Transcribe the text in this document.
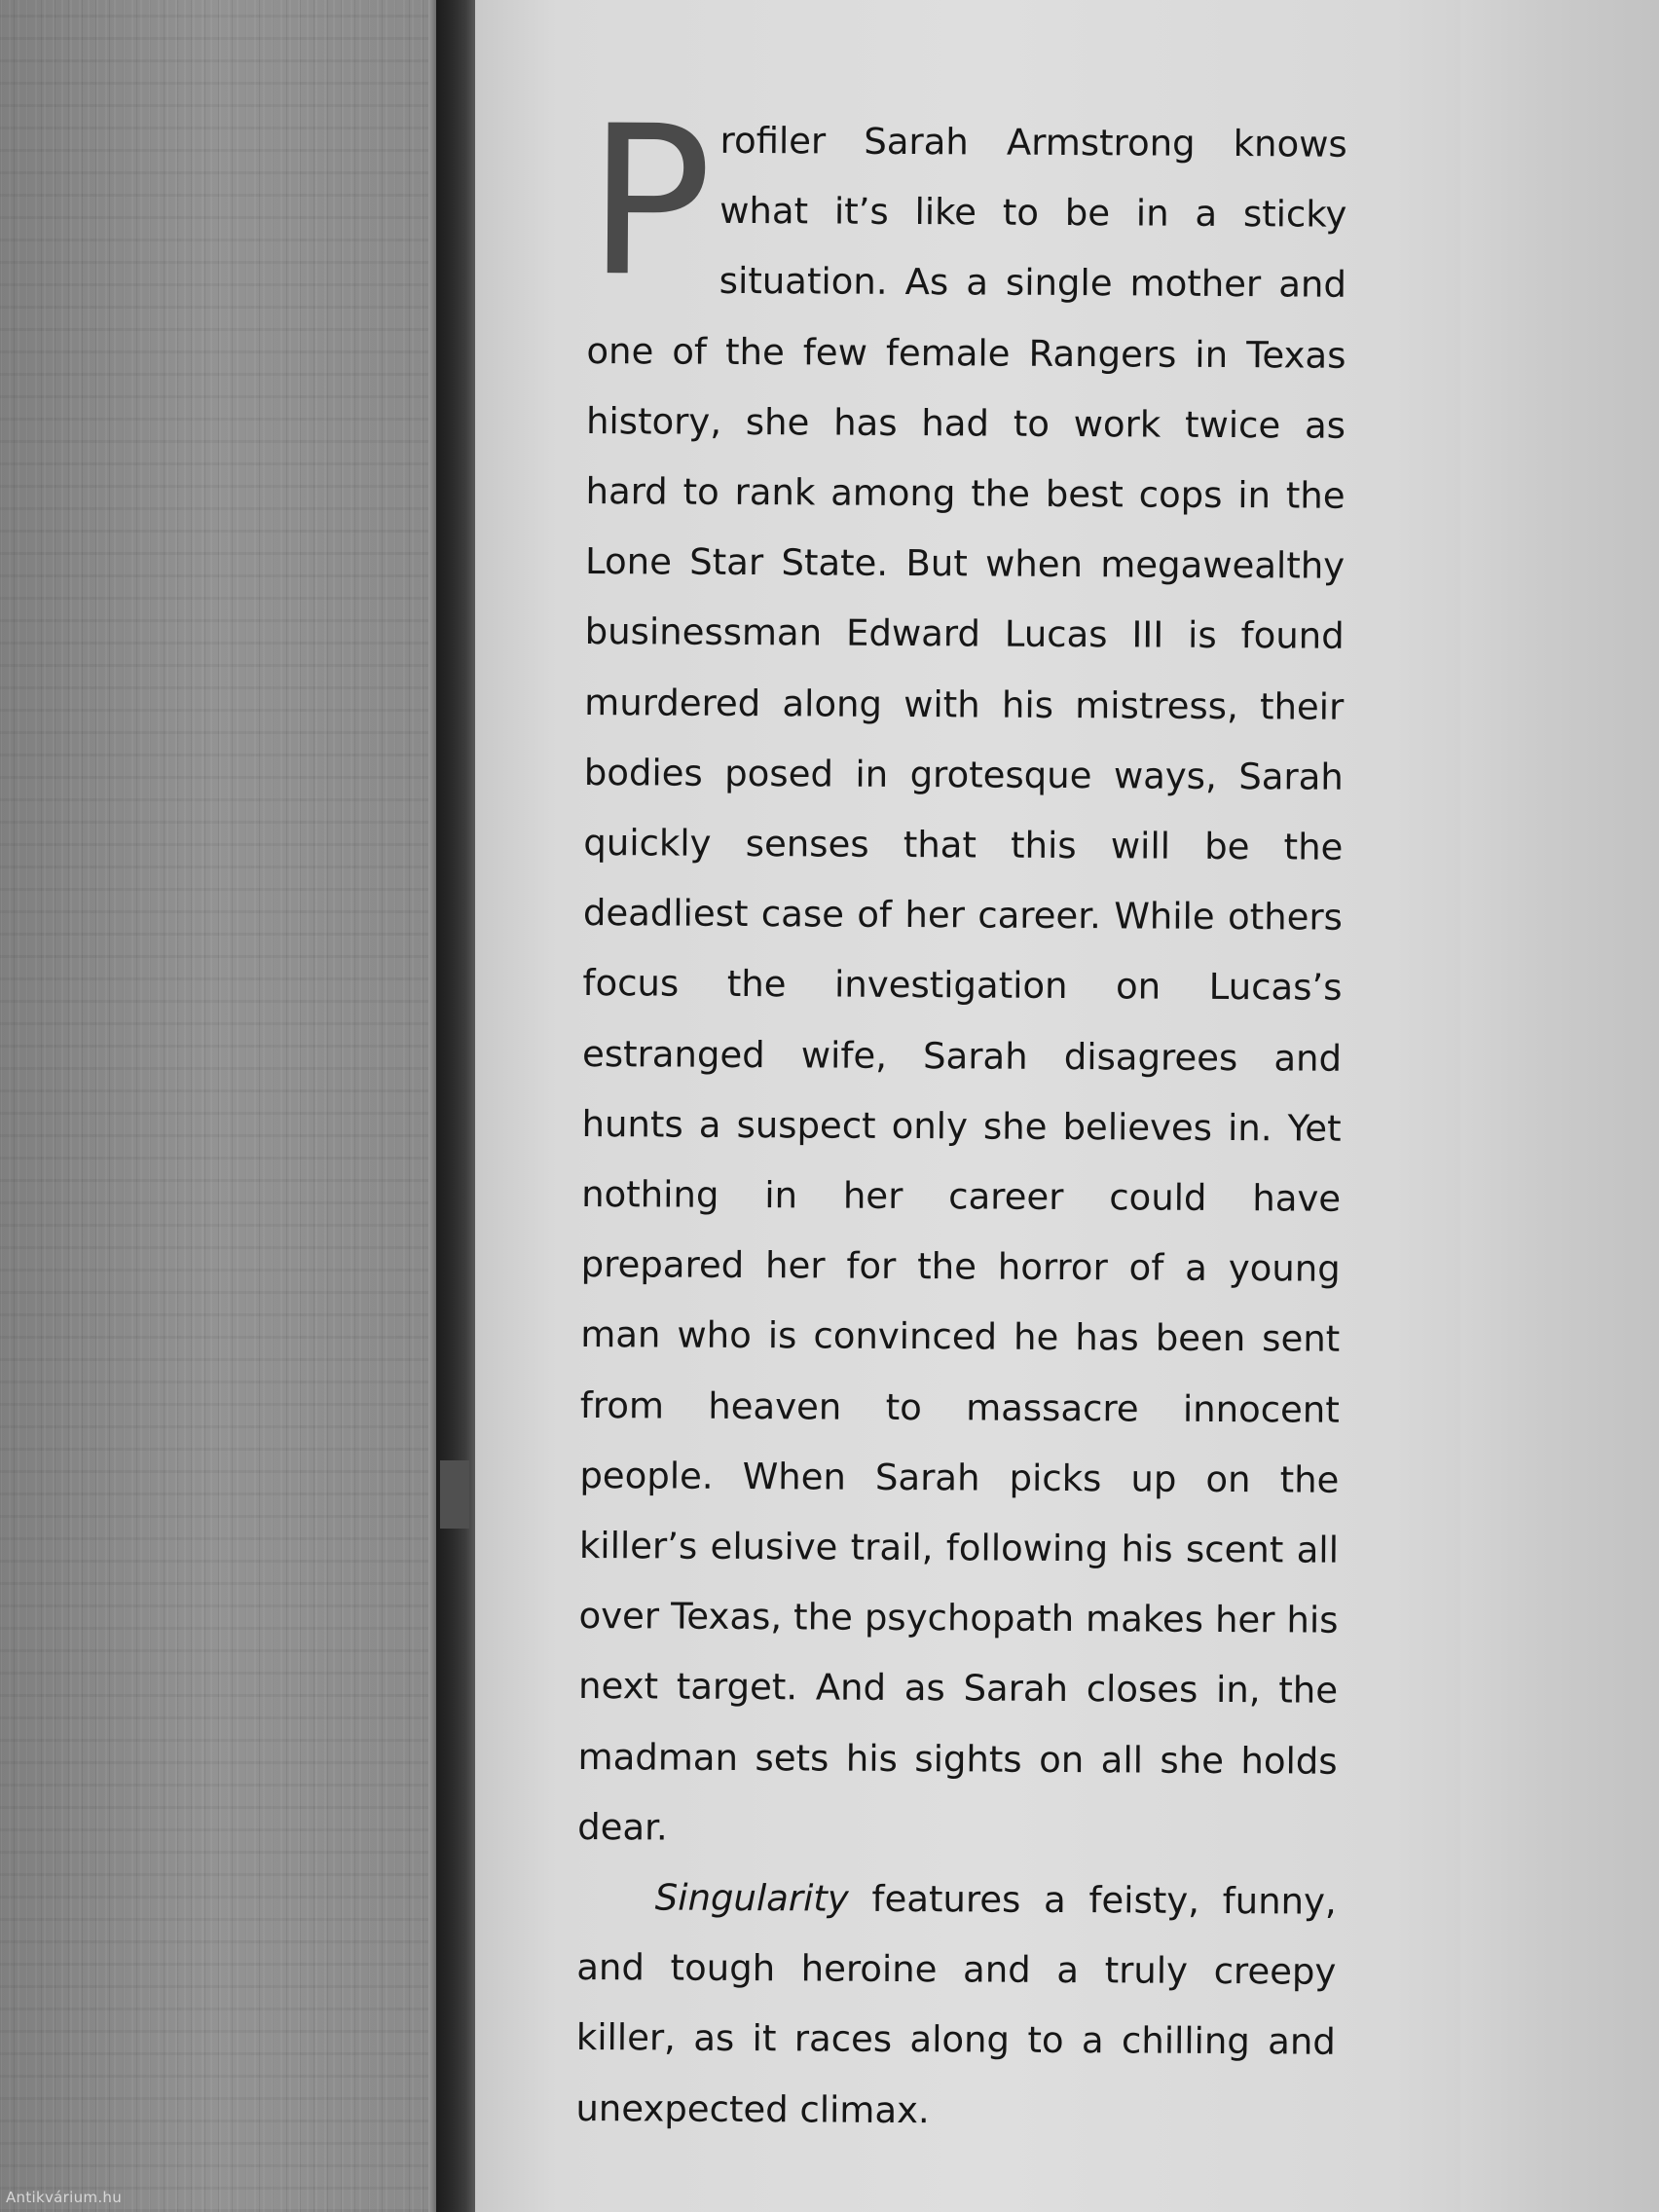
Profiler Sarah Armstrong knows what it’s like to be in a sticky situation. As a single mother and one of the few female Rangers in Texas history, she has had to work twice as hard to rank among the best cops in the Lone Star State. But when megawealthy businessman Edward Lucas III is found murdered along with his mistress, their bodies posed in grotesque ways, Sarah quickly senses that this will be the deadliest case of her career. While others focus the investigation on Lucas’s estranged wife, Sarah disagrees and hunts a suspect only she believes in. Yet nothing in her career could have prepared her for the horror of a young man who is convinced he has been sent from heaven to massacre innocent people. When Sarah picks up on the killer’s elusive trail, following his scent all over Texas, the psychopath makes her his next target. And as Sarah closes in, the madman sets his sights on all she holds dear.

Singularity features a feisty, funny, and tough heroine and a truly creepy killer, as it races along to a chilling and unexpected climax.

Antikvárium.hu
